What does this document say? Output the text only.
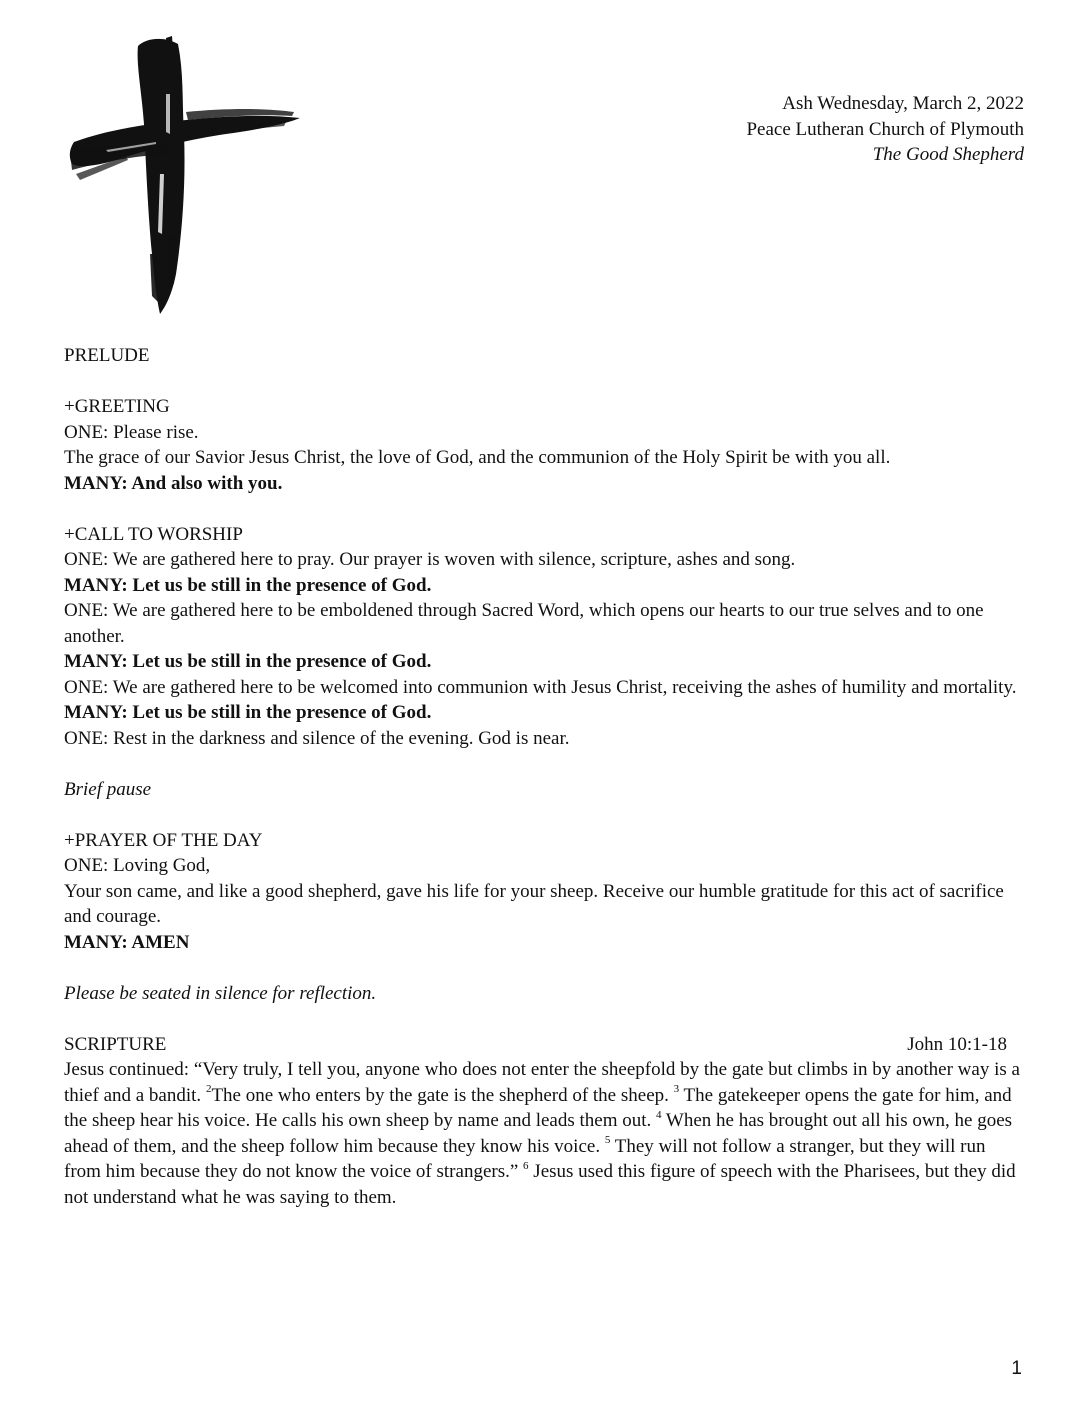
Ash Wednesday, March 2, 2022
Peace Lutheran Church of Plymouth
The Good Shepherd

PRELUDE

+GREETING

ONE: Please rise.

The grace of our Savior Jesus Christ, the love of God, and the communion of the Holy Spirit be with you all.

MANY: And also with you.

+CALL TO WORSHIP

ONE: We are gathered here to pray. Our prayer is woven with silence, scripture, ashes and song.

MANY: Let us be still in the presence of God.

ONE: We are gathered here to be emboldened through Sacred Word, which opens our hearts to our true selves and to one another.

MANY: Let us be still in the presence of God.

ONE: We are gathered here to be welcomed into communion with Jesus Christ, receiving the ashes of humility and mortality.

MANY: Let us be still in the presence of God.

ONE: Rest in the darkness and silence of the evening. God is near.

Brief pause

+PRAYER OF THE DAY

ONE: Loving God,

Your son came, and like a good shepherd, gave his life for your sheep. Receive our humble gratitude for this act of sacrifice and courage.

MANY: AMEN

Please be seated in silence for reflection.

SCRIPTURE	John 10:1-18

Jesus continued: “Very truly, I tell you, anyone who does not enter the sheepfold by the gate but climbs in by another way is a thief and a bandit. $^2$The one who enters by the gate is the shepherd of the sheep. $^3$ The gatekeeper opens the gate for him, and the sheep hear his voice. He calls his own sheep by name and leads them out. $^4$ When he has brought out all his own, he goes ahead of them, and the sheep follow him because they know his voice. $^5$ They will not follow a stranger, but they will run from him because they do not know the voice of strangers.” $^6$ Jesus used this figure of speech with the Pharisees, but they did not understand what he was saying to them.

1
